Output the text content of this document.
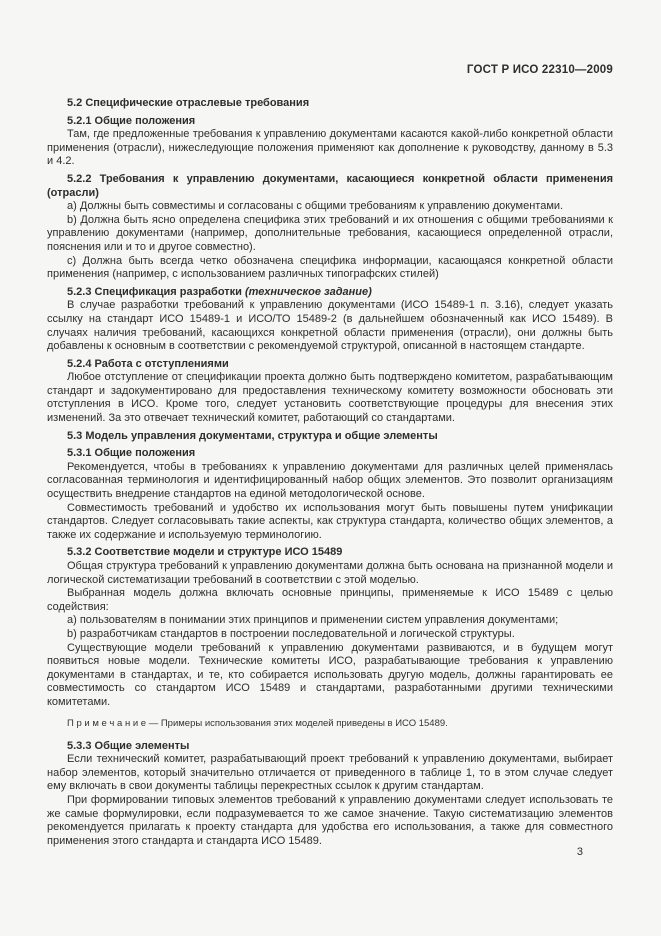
ГОСТ Р ИСО 22310—2009
5.2 Специфические отраслевые требования
5.2.1 Общие положения
Там, где предложенные требования к управлению документами касаются какой-либо конкретной области применения (отрасли), нижеследующие положения применяют как дополнение к руководству, данному в 5.3 и 4.2.
5.2.2 Требования к управлению документами, касающиеся конкретной области применения (отрасли)
a) Должны быть совместимы и согласованы с общими требованиям к управлению документами.
b) Должна быть ясно определена специфика этих требований и их отношения с общими требованиями к управлению документами (например, дополнительные требования, касающиеся определенной отрасли, пояснения или и то и другое совместно).
c) Должна быть всегда четко обозначена специфика информации, касающаяся конкретной области применения (например, с использованием различных типографских стилей)
5.2.3 Спецификация разработки (техническое задание)
В случае разработки требований к управлению документами (ИСО 15489-1 п. 3.16), следует указать ссылку на стандарт ИСО 15489-1 и ИСО/ТО 15489-2 (в дальнейшем обозначенный как ИСО 15489). В случаях наличия требований, касающихся конкретной области применения (отрасли), они должны быть добавлены к основным в соответствии с рекомендуемой структурой, описанной в настоящем стандарте.
5.2.4 Работа с отступлениями
Любое отступление от спецификации проекта должно быть подтверждено комитетом, разрабатывающим стандарт и задокументировано для предоставления техническому комитету возможности обосновать эти отступления в ИСО. Кроме того, следует установить соответствующие процедуры для внесения этих изменений. За это отвечает технический комитет, работающий со стандартами.
5.3 Модель управления документами, структура и общие элементы
5.3.1 Общие положения
Рекомендуется, чтобы в требованиях к управлению документами для различных целей применялась согласованная терминология и идентифицированный набор общих элементов. Это позволит организациям осуществить внедрение стандартов на единой методологической основе.
Совместимость требований и удобство их использования могут быть повышены путем унификации стандартов. Следует согласовывать такие аспекты, как структура стандарта, количество общих элементов, а также их содержание и используемую терминологию.
5.3.2 Соответствие модели и структуре ИСО 15489
Общая структура требований к управлению документами должна быть основана на признанной модели и логической систематизации требований в соответствии с этой моделью.
Выбранная модель должна включать основные принципы, применяемые к ИСО 15489 с целью содействия:
a) пользователям в понимании этих принципов и применении систем управления документами;
b) разработчикам стандартов в построении последовательной и логической структуры.
Существующие модели требований к управлению документами развиваются, и в будущем могут появиться новые модели. Технические комитеты ИСО, разрабатывающие требования к управлению документами в стандартах, и те, кто собирается использовать другую модель, должны гарантировать ее совместимость со стандартом ИСО 15489 и стандартами, разработанными другими техническими комитетами.
П р и м е ч а н и е — Примеры использования этих моделей приведены в ИСО 15489.
5.3.3 Общие элементы
Если технический комитет, разрабатывающий проект требований к управлению документами, выбирает набор элементов, который значительно отличается от приведенного в таблице 1, то в этом случае следует ему включать в свои документы таблицы перекрестных ссылок к другим стандартам.
При формировании типовых элементов требований к управлению документами следует использовать те же самые формулировки, если подразумевается то же самое значение. Такую систематизацию элементов рекомендуется прилагать к проекту стандарта для удобства его использования, а также для совместного применения этого стандарта и стандарта ИСО 15489.
3
